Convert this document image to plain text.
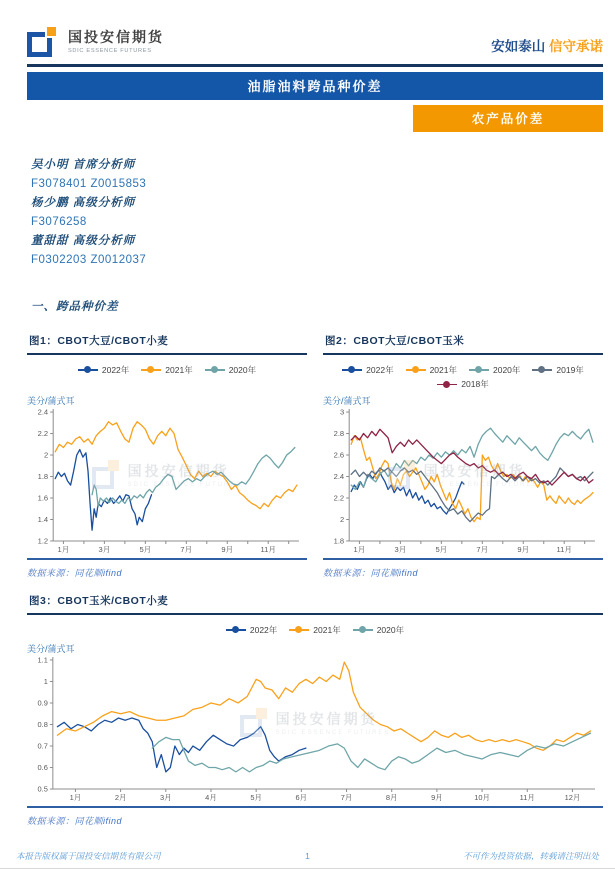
国投安信期货
SDIC ESSENCE FUTURES	安如泰山 信守承诺
油脂油料跨品种价差
农产品价差
吴小明 首席分析师
F3078401 Z0015853
杨少鹏 高级分析师
F3076258
董甜甜 高级分析师
F0302203 Z0012037
一、跨品种价差
图1：CBOT大豆/CBOT小麦
2022年	2021年	2020年
美分/蒲式耳
1.2
1.4
1.6
1.8
2
2.2
2.4
1月	3月	5月	7月	9月	11月
国投安信期货
SDIC ESSENCE FUTURES
数据来源：同花顺ifind
图2：CBOT大豆/CBOT玉米
2022年	2021年	2020年	2019年
2018年
美分/蒲式耳
1.8
2
2.2
2.4
2.6
2.8
3
1月	3月	5月	7月	9月	11月
国投安信期货
SDIC ESSENCE FUTURES
数据来源：同花顺ifind
图3：CBOT玉米/CBOT小麦
2022年	2021年	2020年
美分/蒲式耳
0.5
0.6
0.7
0.8
0.9
1
1.1
1月	2月	3月	4月	5月	6月	7月	8月	9月	10月	11月	12月
国投安信期货
SDIC ESSENCE FUTURES
数据来源：同花顺ifind
本报告版权属于国投安信期货有限公司	1	不可作为投资依据，转载请注明出处
